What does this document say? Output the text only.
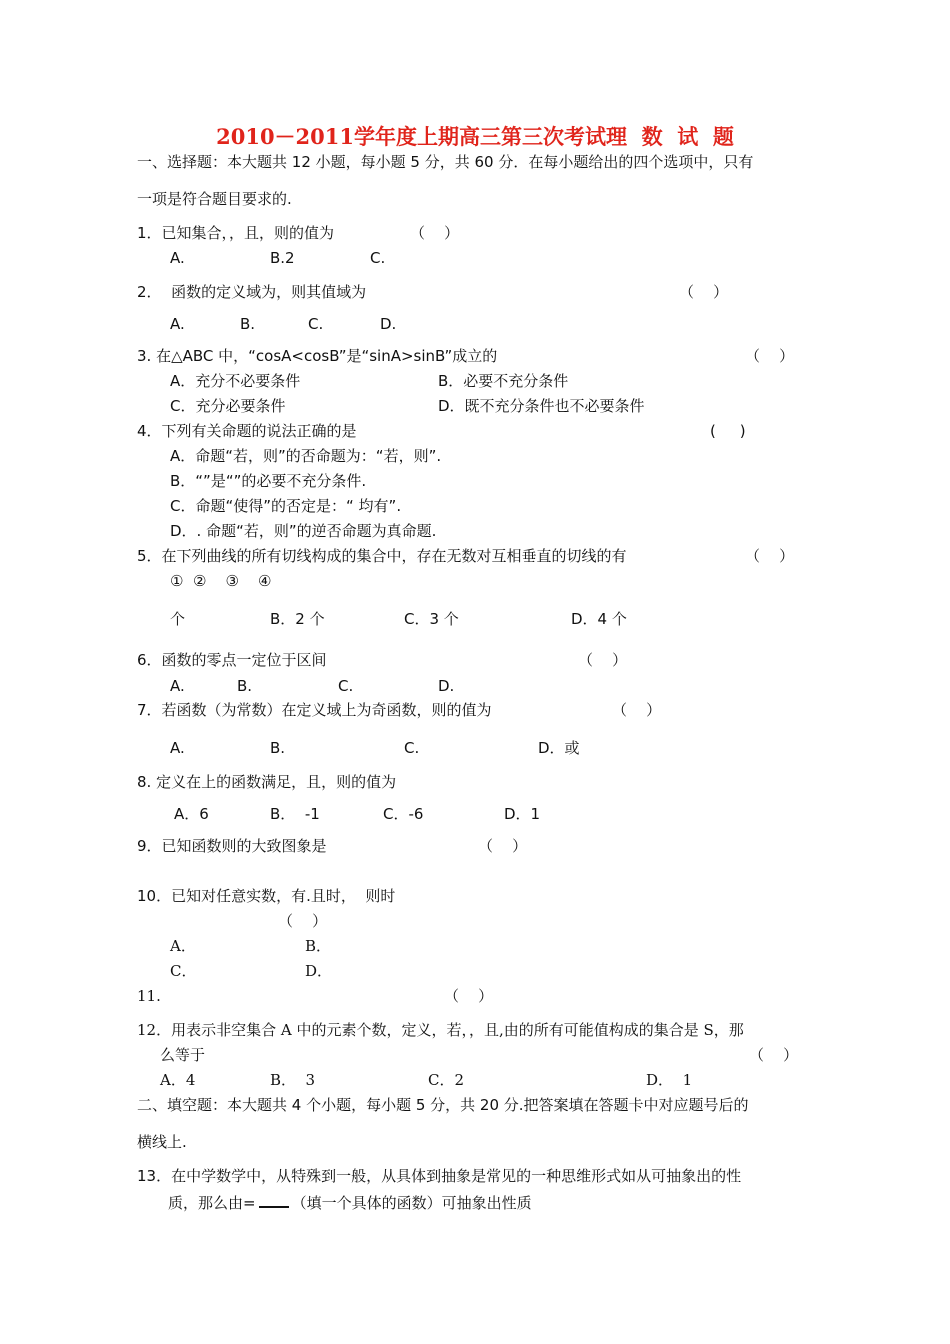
2010－2011学年度上期高三第三次考试理  数  试  题
一、选择题：本大题共 12 小题，每小题 5 分，共 60 分．在每小题给出的四个选项中，只有
一项是符合题目要求的.
1．已知集合，，且，则的值为	（    ）
A.	B.2	C.
2．  函数的定义域为，则其值域为	（    ）
A.	B.	C.	D.
3. 在△ABC 中，“cosA<cosB”是“sinA>sinB”成立的	（    ）
A．充分不必要条件	B．必要不充分条件
C．充分必要条件	D．既不充分条件也不必要条件
4．下列有关命题的说法正确的是	(     )
A．命题“若，则”的否命题为：“若，则”.
B．“”是“”的必要不充分条件.
C．命题“使得”的否定是：“ 均有”.
D．. 命题“若，则”的逆否命题为真命题.
5．在下列曲线的所有切线构成的集合中，存在无数对互相垂直的切线的有	（    ）
①  ②    ③    ④
个	B．2 个	C．3 个	D．4 个
6．函数的零点一定位于区间	（    ）
A.	B.	C.	D.
7．若函数（为常数）在定义域上为奇函数，则的值为	（    ）
A.	B.	C.	D．或
8. 定义在上的函数满足，且，则的值为
A．6	B．  -1	C．-6	D．1
9．已知函数则的大致图象是	（    ）
10．已知对任意实数，有.且时，  则时
（    ）
A．	B．
C．	D．
11.	（    ）
12．用表示非空集合 A 中的元素个数，定义，若，，且,由的所有可能值构成的集合是 S，那
么等于	（    ）
A．4	B．  3	C．2	D．  1
二、填空题：本大题共 4 个小题，每小题 5 分，共 20 分.把答案填在答题卡中对应题号后的
横线上.
13．在中学数学中，从特殊到一般，从具体到抽象是常见的一种思维形式如从可抽象出的性
质，那么由= （填一个具体的函数）可抽象出性质
